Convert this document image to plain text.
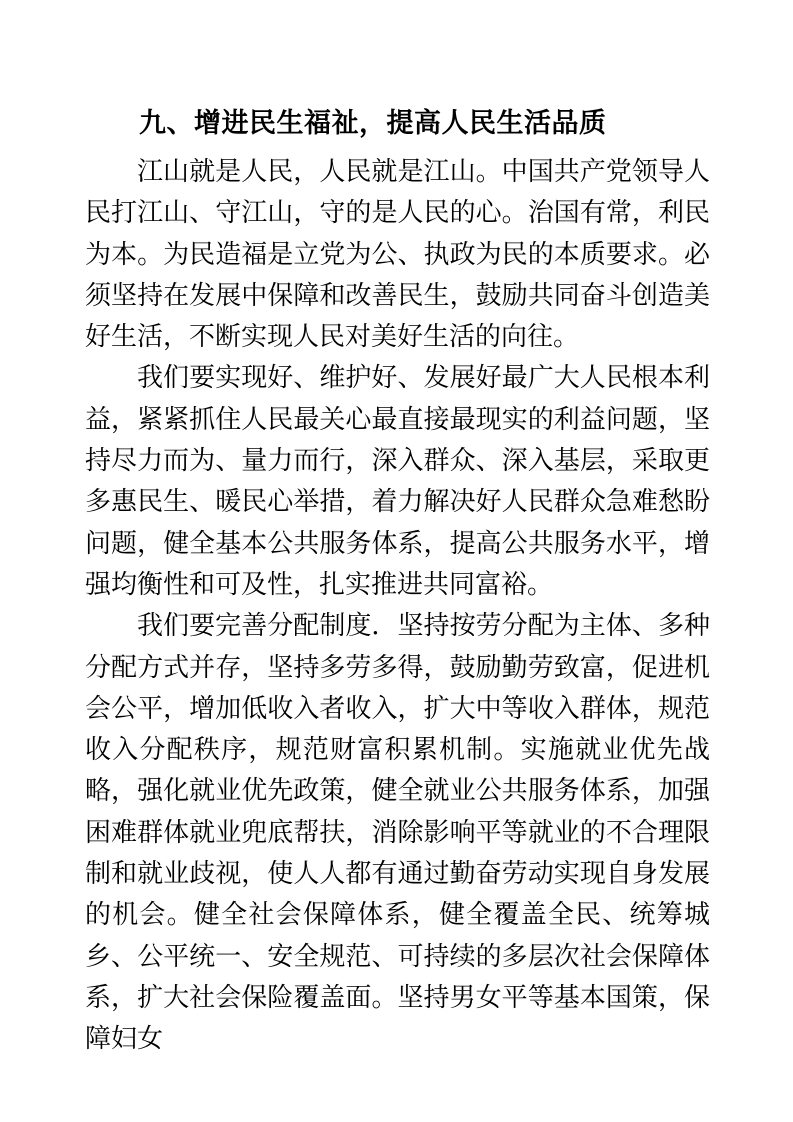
九、增进民生福祉，提高人民生活品质

江山就是人民，人民就是江山。中国共产党领导人民打江山、守江山，守的是人民的心。治国有常，利民为本。为民造福是立党为公、执政为民的本质要求。必须坚持在发展中保障和改善民生，鼓励共同奋斗创造美好生活，不断实现人民对美好生活的向往。

我们要实现好、维护好、发展好最广大人民根本利益，紧紧抓住人民最关心最直接最现实的利益问题，坚持尽力而为、量力而行，深入群众、深入基层，采取更多惠民生、暖民心举措，着力解决好人民群众急难愁盼问题，健全基本公共服务体系，提高公共服务水平，增强均衡性和可及性，扎实推进共同富裕。

我们要完善分配制度．坚持按劳分配为主体、多种分配方式并存，坚持多劳多得，鼓励勤劳致富，促进机会公平，增加低收入者收入，扩大中等收入群体，规范收入分配秩序，规范财富积累机制。实施就业优先战略，强化就业优先政策，健全就业公共服务体系，加强困难群体就业兜底帮扶，消除影响平等就业的不合理限制和就业歧视，使人人都有通过勤奋劳动实现自身发展的机会。健全社会保障体系，健全覆盖全民、统筹城乡、公平统一、安全规范、可持续的多层次社会保障体系，扩大社会保险覆盖面。坚持男女平等基本国策，保障妇女
